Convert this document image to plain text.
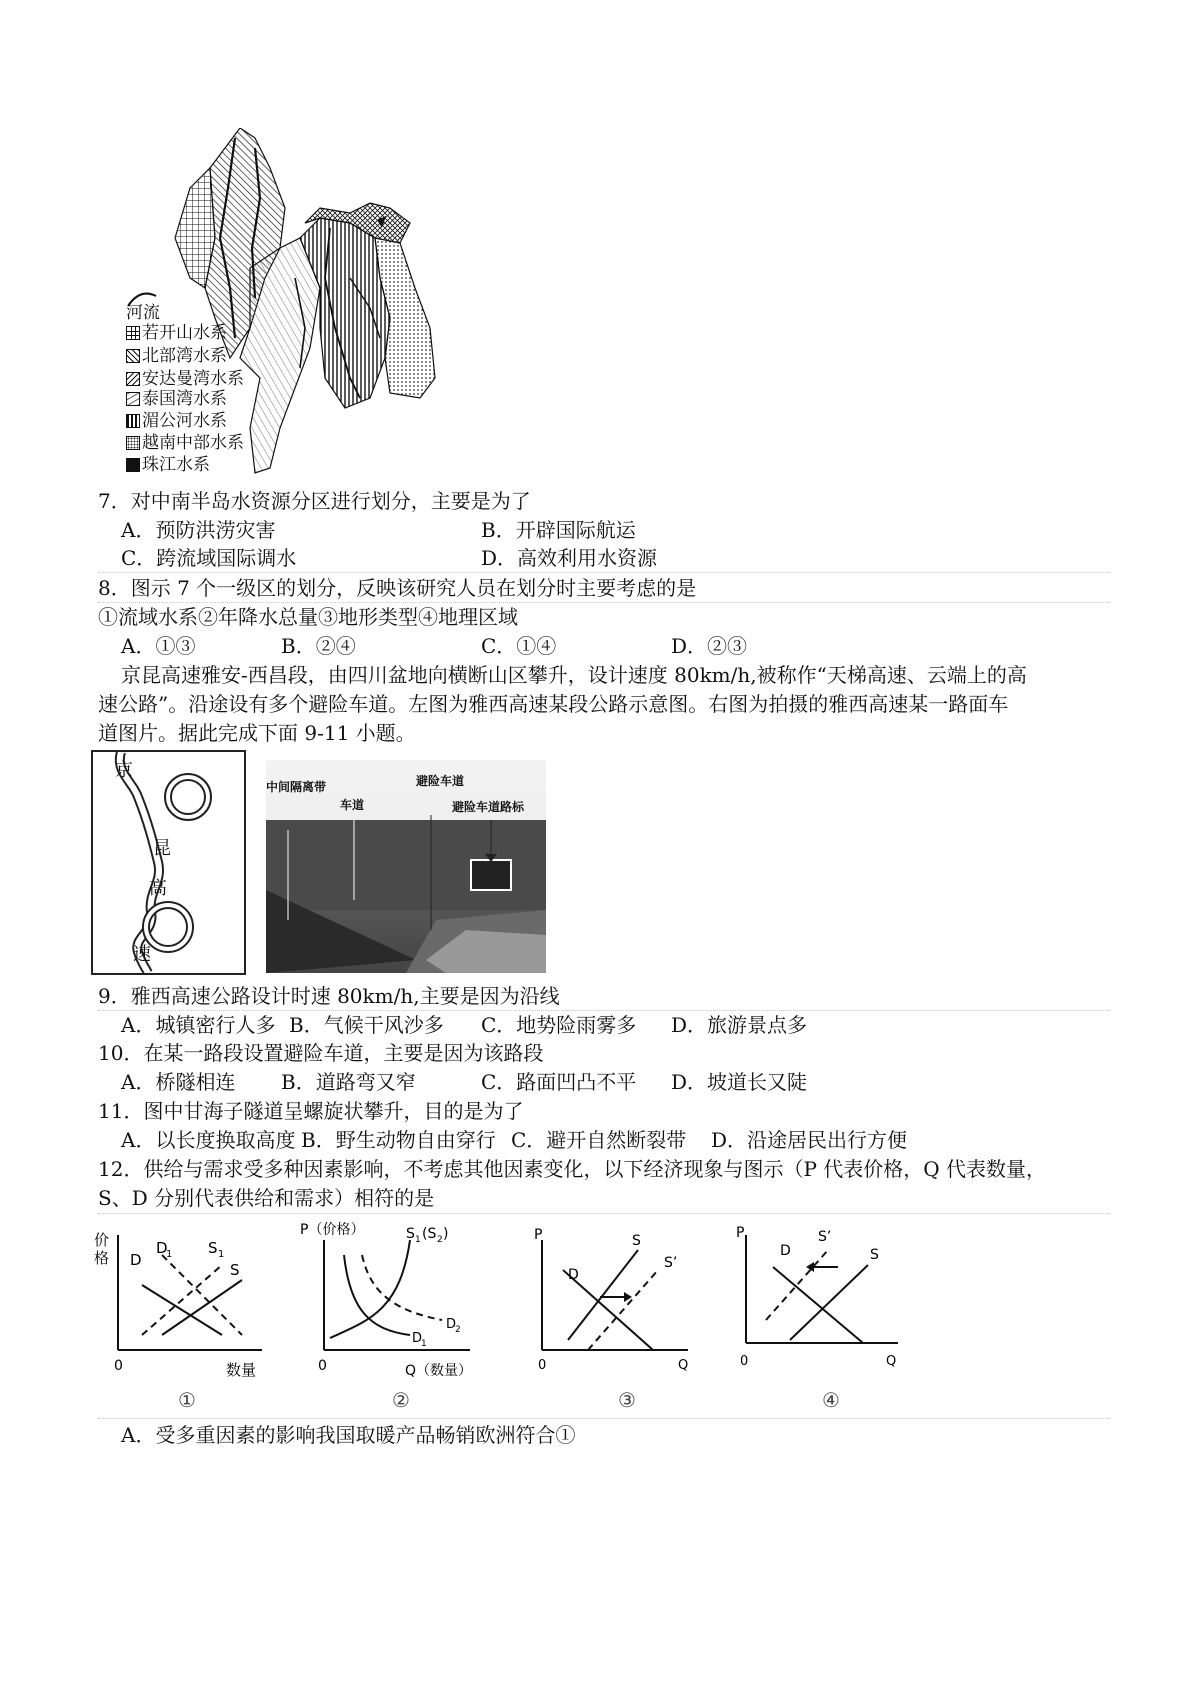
河流
若开山水系
北部湾水系
安达曼湾水系
泰国湾水系
湄公河水系
越南中部水系
珠江水系
7．对中南半岛水资源分区进行划分，主要是为了
A．预防洪涝灾害	B．开辟国际航运
C．跨流域国际调水	D．高效利用水资源
8．图示 7 个一级区的划分，反映该研究人员在划分时主要考虑的是
①流域水系②年降水总量③地形类型④地理区域
A．①③	B．②④	C．①④	D．②③
京昆高速雅安-西昌段，由四川盆地向横断山区攀升，设计速度 80km/h,被称作“天梯高速、云端上的高
速公路”。沿途设有多个避险车道。左图为雅西高速某段公路示意图。右图为拍摄的雅西高速某一路面车
道图片。据此完成下面 9-11 小题。
京
昆
高
速
中间隔离带
车道
避险车道
避险车道路标
9．雅西高速公路设计时速 80km/h,主要是因为沿线
A．城镇密行人多 B．气候干风沙多 C．地势险雨雾多 D．旅游景点多
10．在某一路段设置避险车道，主要是因为该路段
A．桥隧相连 B．道路弯又窄	C．路面凹凸不平 D．坡道长又陡
11．图中甘海子隧道呈螺旋状攀升，目的是为了
A．以长度换取高度 B．野生动物自由穿行 C．避开自然断裂带 D．沿途居民出行方便
12．供给与需求受多种因素影响，不考虑其他因素变化，以下经济现象与图示（P 代表价格，Q 代表数量，
S、D 分别代表供给和需求）相符的是
价
格 D
D
1 S 1
S
0	数量
①
P（价格）	S 1 (S 2 )
D
2
D
1
0	Q（数量）
②
P
D
S
S’
0	Q
③
P
D
S’
S
0	Q
④
A．受多重因素的影响我国取暖产品畅销欧洲符合①
